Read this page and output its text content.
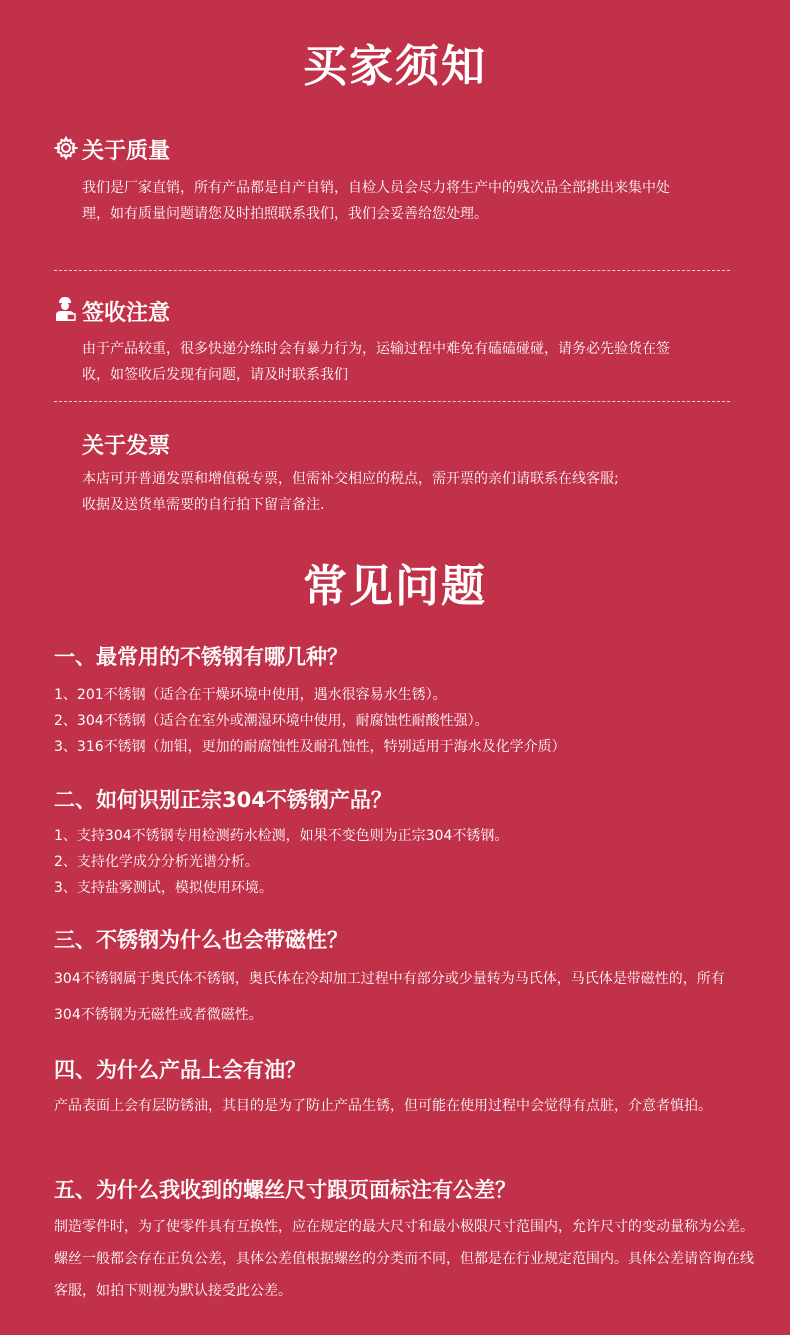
买家须知
关于质量
我们是厂家直销，所有产品都是自产自销，自检人员会尽力将生产中的残次品全部挑出来集中处理，如有质量问题请您及时拍照联系我们，我们会妥善给您处理。
签收注意
由于产品较重，很多快递分练时会有暴力行为，运输过程中难免有磕磕碰碰，请务必先验货在签收，如签收后发现有问题，请及时联系我们
关于发票
本店可开普通发票和增值税专票，但需补交相应的税点，需开票的亲们请联系在线客服;收据及送货单需要的自行拍下留言备注.
常见问题
一、最常用的不锈钢有哪几种？
1、201不锈钢（适合在干燥环境中使用，遇水很容易水生锈）。
2、304不锈钢（适合在室外或潮湿环境中使用，耐腐蚀性耐酸性强）。
3、316不锈钢（加钼，更加的耐腐蚀性及耐孔蚀性，特别适用于海水及化学介质）
二、如何识别正宗304不锈钢产品？
1、支持304不锈钢专用检测药水检测，如果不变色则为正宗304不锈钢。
2、支持化学成分分析光谱分析。
3、支持盐雾测试，模拟使用环境。
三、不锈钢为什么也会带磁性？
304不锈钢属于奥氏体不锈钢，奥氏体在冷却加工过程中有部分或少量转为马氏体，马氏体是带磁性的，所有304不锈钢为无磁性或者微磁性。
四、为什么产品上会有油？
产品表面上会有层防锈油，其目的是为了防止产品生锈，但可能在使用过程中会觉得有点脏，介意者慎拍。
五、为什么我收到的螺丝尺寸跟页面标注有公差？
制造零件时，为了使零件具有互换性，应在规定的最大尺寸和最小极限尺寸范围内，允许尺寸的变动量称为公差。螺丝一般都会存在正负公差，具体公差值根据螺丝的分类而不同，但都是在行业规定范围内。具体公差请咨询在线客服，如拍下则视为默认接受此公差。
